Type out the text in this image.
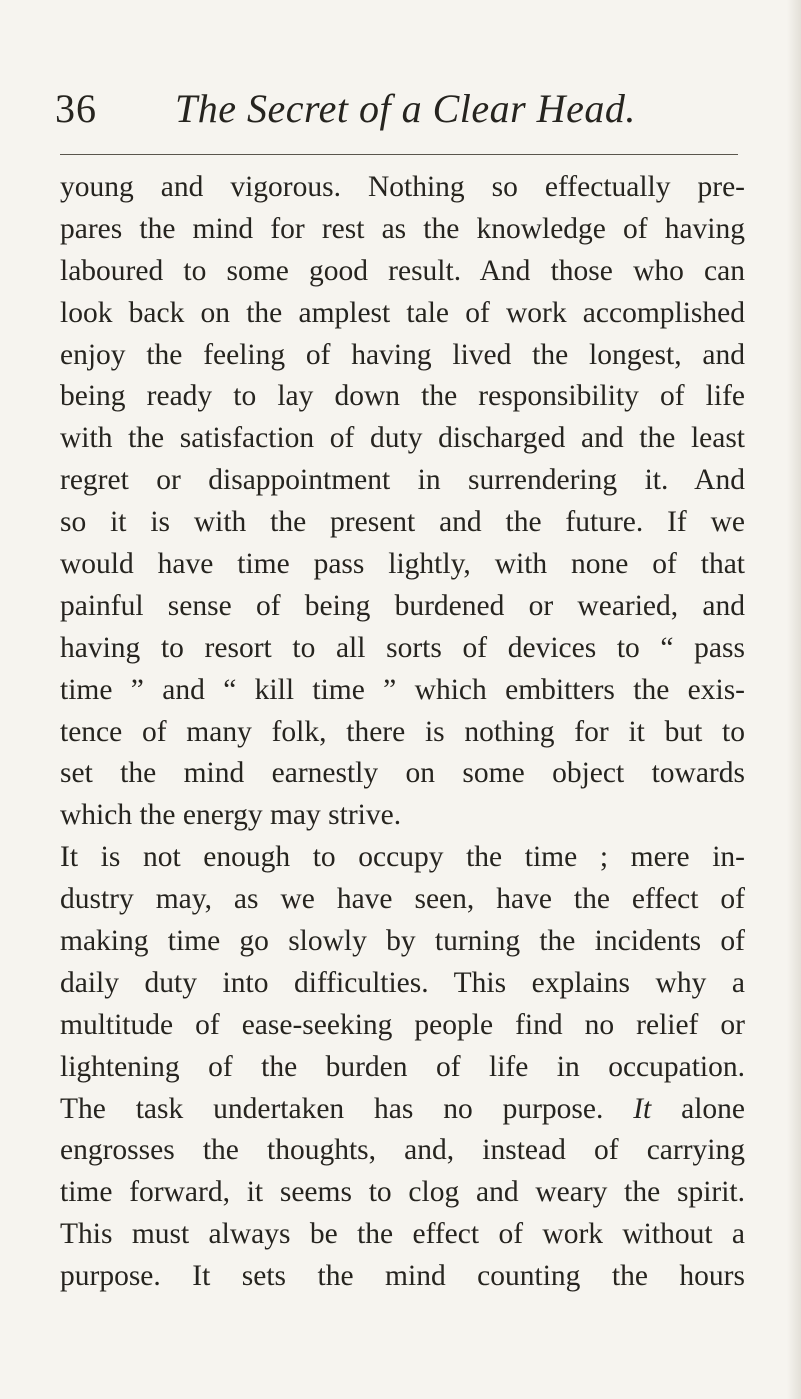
36 The Secret of a Clear Head.
young and vigorous. Nothing so effectually pre-
pares the mind for rest as the knowledge of having
laboured to some good result. And those who can
look back on the amplest tale of work accomplished
enjoy the feeling of having lived the longest, and
being ready to lay down the responsibility of life
with the satisfaction of duty discharged and the least
regret or disappointment in surrendering it. And
so it is with the present and the future. If we
would have time pass lightly, with none of that
painful sense of being burdened or wearied, and
having to resort to all sorts of devices to “ pass
time ” and “ kill time ” which embitters the exis-
tence of many folk, there is nothing for it but to
set the mind earnestly on some object towards
which the energy may strive.
It is not enough to occupy the time ; mere in-
dustry may, as we have seen, have the effect of
making time go slowly by turning the incidents of
daily duty into difficulties. This explains why a
multitude of ease-seeking people find no relief or
lightening of the burden of life in occupation.
The task undertaken has no purpose. It alone
engrosses the thoughts, and, instead of carrying
time forward, it seems to clog and weary the spirit.
This must always be the effect of work without a
purpose. It sets the mind counting the hours
